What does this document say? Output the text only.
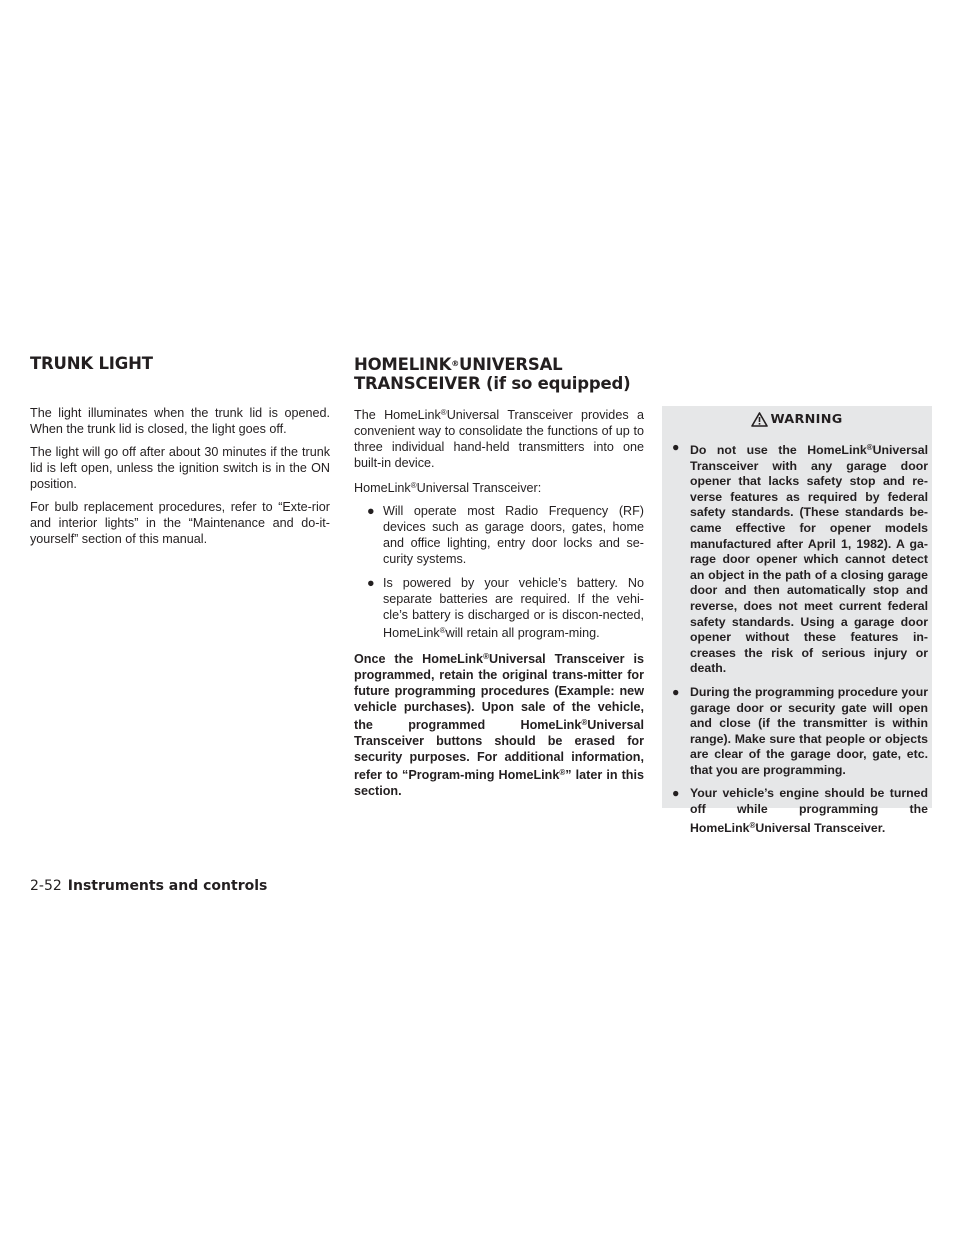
TRUNK LIGHT	HOMELINK®UNIVERSAL
TRANSCEIVER (if so equipped)

The light illuminates when the trunk lid is opened. When the trunk lid is closed, the light goes off.

The light will go off after about 30 minutes if the trunk lid is left open, unless the ignition switch is in the ON position.

For bulb replacement procedures, refer to “Exte-rior and interior lights” in the “Maintenance and do-it-yourself” section of this manual.

The HomeLink®Universal Transceiver provides a convenient way to consolidate the functions of up to three individual hand-held transmitters into one built-in device.

HomeLink®Universal Transceiver:

● Will operate most Radio Frequency (RF) devices such as garage doors, gates, home and office lighting, entry door locks and se-curity systems.
● Is powered by your vehicle’s battery. No separate batteries are required. If the vehi-cle’s battery is discharged or is discon-nected, HomeLink®will retain all program-ming.

Once the HomeLink®Universal Transceiver is programmed, retain the original trans-mitter for future programming procedures (Example: new vehicle purchases). Upon sale of the vehicle, the programmed HomeLink®Universal Transceiver buttons should be erased for security purposes. For additional information, refer to “Program-ming HomeLink®” later in this section.

WARNING
● Do not use the HomeLink®Universal Transceiver with any garage door opener that lacks safety stop and re-verse features as required by federal safety standards. (These standards be-came effective for opener models manufactured after April 1, 1982). A ga-rage door opener which cannot detect an object in the path of a closing garage door and then automatically stop and reverse, does not meet current federal safety standards. Using a garage door opener without these features in-creases the risk of serious injury or death.
● During the programming procedure your garage door or security gate will open and close (if the transmitter is within range). Make sure that people or objects are clear of the garage door, gate, etc. that you are programming.
● Your vehicle’s engine should be turned off while programming the HomeLink®Universal Transceiver.
2-52 Instruments and controls
